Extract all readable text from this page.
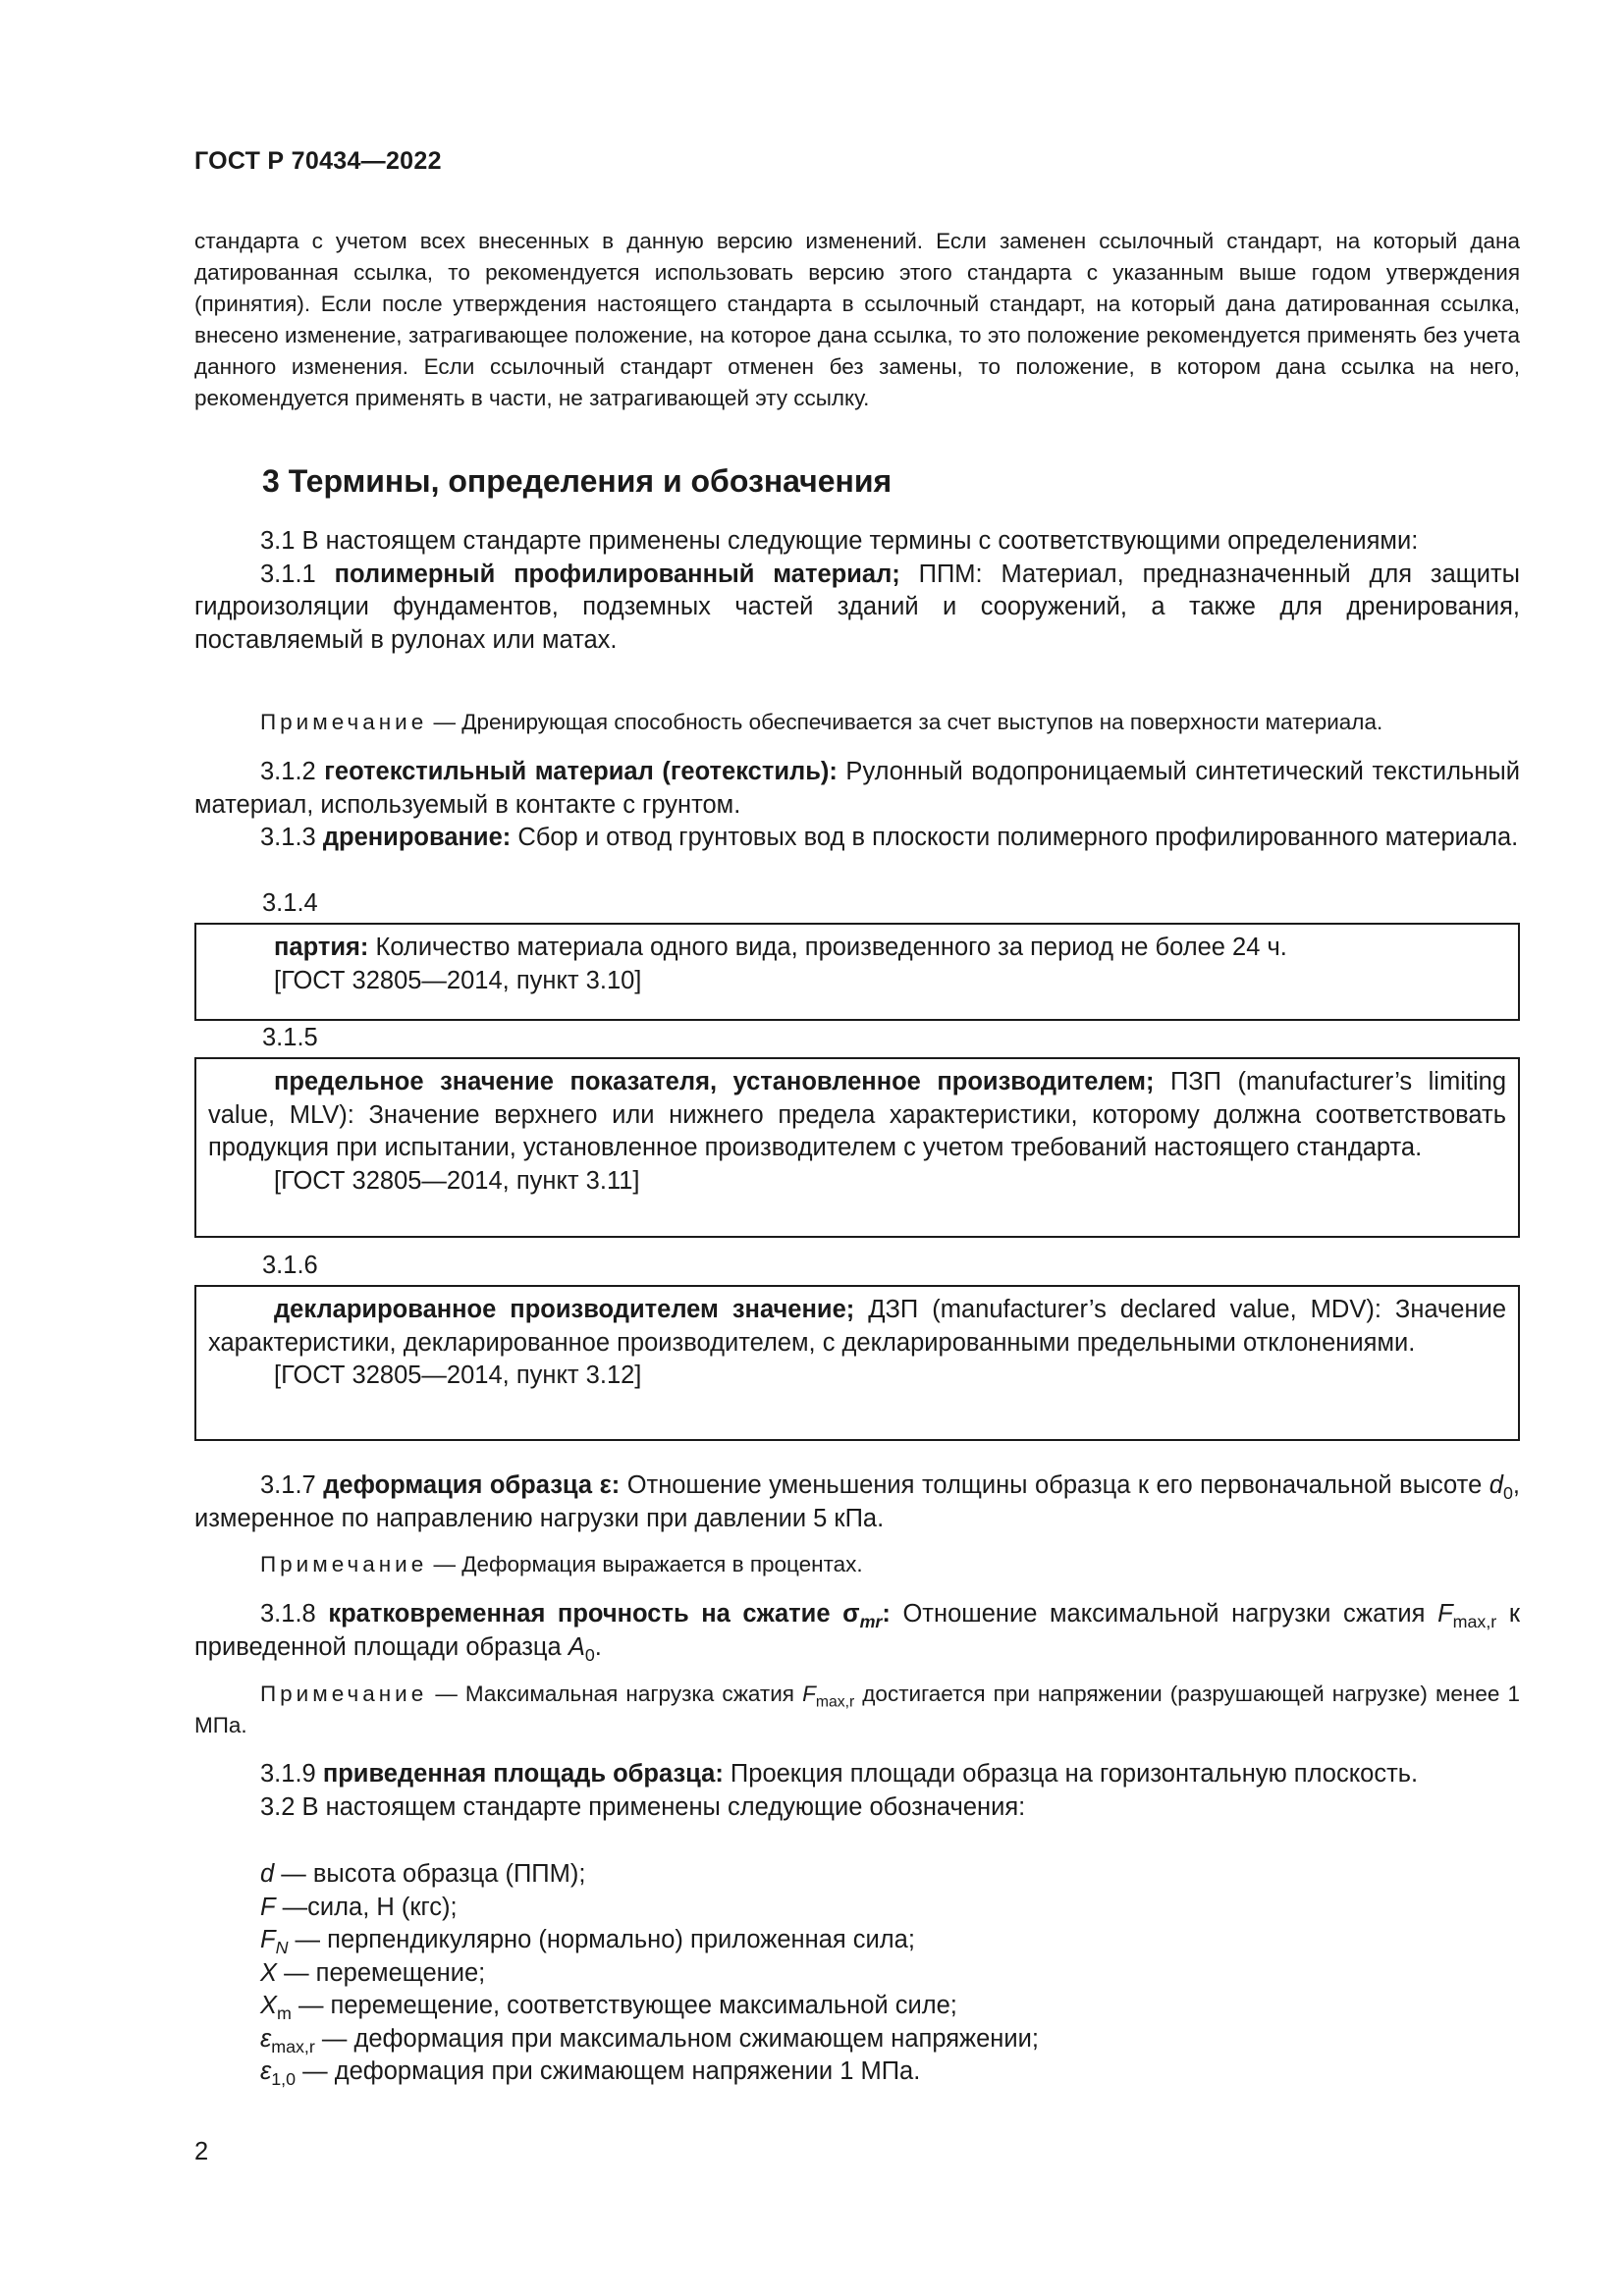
ГОСТ Р 70434—2022
стандарта с учетом всех внесенных в данную версию изменений. Если заменен ссылочный стандарт, на который дана датированная ссылка, то рекомендуется использовать версию этого стандарта с указанным выше годом утверждения (принятия). Если после утверждения настоящего стандарта в ссылочный стандарт, на который дана датированная ссылка, внесено изменение, затрагивающее положение, на которое дана ссылка, то это положение рекомендуется применять без учета данного изменения. Если ссылочный стандарт отменен без замены, то положение, в котором дана ссылка на него, рекомендуется применять в части, не затрагивающей эту ссылку.
3 Термины, определения и обозначения

3.1 В настоящем стандарте применены следующие термины с соответствующими определениями:

3.1.1 полимерный профилированный материал; ППМ: Материал, предназначенный для защиты гидроизоляции фундаментов, подземных частей зданий и сооружений, а также для дренирования, поставляемый в рулонах или матах.

Примечание — Дренирующая способность обеспечивается за счет выступов на поверхности материала.

3.1.2 геотекстильный материал (геотекстиль): Рулонный водопроницаемый синтетический текстильный материал, используемый в контакте с грунтом.

3.1.3 дренирование: Сбор и отвод грунтовых вод в плоскости полимерного профилированного материала.

3.1.4

партия: Количество материала одного вида, произведенного за период не более 24 ч.

[ГОСТ 32805—2014, пункт 3.10]

3.1.5

предельное значение показателя, установленное производителем; ПЗП (manufacturer’s limiting value, MLV): Значение верхнего или нижнего предела характеристики, которому должна соответствовать продукция при испытании, установленное производителем с учетом требований настоящего стандарта.

[ГОСТ 32805—2014, пункт 3.11]

3.1.6

декларированное производителем значение; ДЗП (manufacturer’s declared value, MDV): Значение характеристики, декларированное производителем, с декларированными предельными отклонениями.

[ГОСТ 32805—2014, пункт 3.12]

3.1.7 деформация образца ε: Отношение уменьшения толщины образца к его первоначальной высоте $d_0$, измеренное по направлению нагрузки при давлении 5 кПа.

Примечание — Деформация выражается в процентах.

3.1.8 кратковременная прочность на сжатие $\sigma_{mr}$: Отношение максимальной нагрузки сжатия $F_{max,r}$ к приведенной площади образца $A_0$.

Примечание — Максимальная нагрузка сжатия $F_{max,r}$ достигается при напряжении (разрушающей нагрузке) менее 1 МПа.

3.1.9 приведенная площадь образца: Проекция площади образца на горизонтальную плоскость.

3.2 В настоящем стандарте применены следующие обозначения:

d — высота образца (ППМ);
F —сила, Н (кгс);
$F_N$ — перпендикулярно (нормально) приложенная сила;
X — перемещение;
$X_m$ — перемещение, соответствующее максимальной силе;
$\varepsilon_{max,r}$ — деформация при максимальном сжимающем напряжении;
$\varepsilon_{1,0}$ — деформация при сжимающем напряжении 1 МПа.
2
